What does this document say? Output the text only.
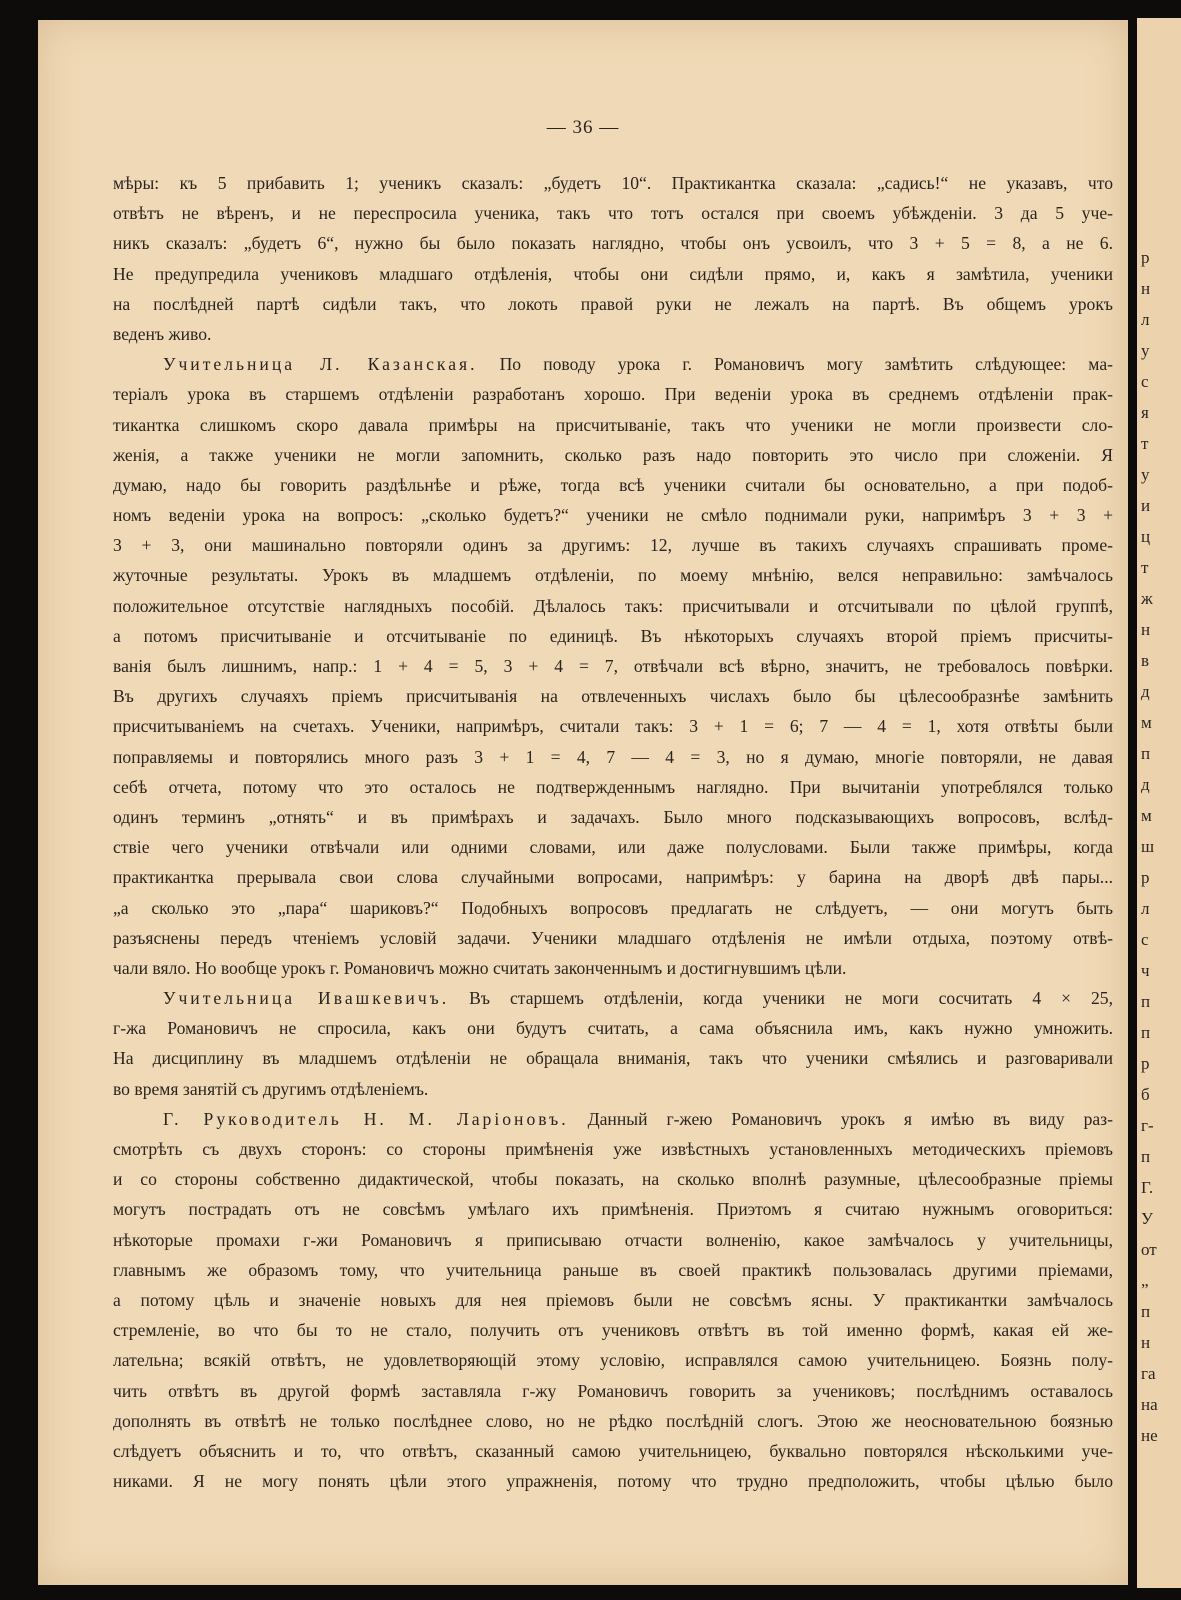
— 36 —
мѣры: къ 5 прибавить 1; ученикъ сказалъ: „будетъ 10“. Практикантка сказала: „садись!“ не указавъ, что
отвѣтъ не вѣренъ, и не переспросила ученика, такъ что тотъ остался при своемъ убѣжденіи. 3 да 5 уче-
никъ сказалъ: „будетъ 6“, нужно бы было показать наглядно, чтобы онъ усвоилъ, что 3 + 5 = 8, а не 6.
Не предупредила учениковъ младшаго отдѣленія, чтобы они сидѣли прямо, и, какъ я замѣтила, ученики
на послѣдней партѣ сидѣли такъ, что локоть правой руки не лежалъ на партѣ. Въ общемъ урокъ
веденъ живо.
Учительница Л. Казанская. По поводу урока г. Романовичъ могу замѣтить слѣдующее: ма-
теріалъ урока въ старшемъ отдѣленіи разработанъ хорошо. При веденіи урока въ среднемъ отдѣленіи прак-
тикантка слишкомъ скоро давала примѣры на присчитываніе, такъ что ученики не могли произвести сло-
женія, а также ученики не могли запомнить, сколько разъ надо повторить это число при сложеніи. Я
думаю, надо бы говорить раздѣльнѣе и рѣже, тогда всѣ ученики считали бы основательно, а при подоб-
номъ веденіи урока на вопросъ: „сколько будетъ?“ ученики не смѣло поднимали руки, напримѣръ 3 + 3 +
3 + 3, они машинально повторяли одинъ за другимъ: 12, лучше въ такихъ случаяхъ спрашивать проме-
жуточные результаты. Урокъ въ младшемъ отдѣленіи, по моему мнѣнію, велся неправильно: замѣчалось
положительное отсутствіе наглядныхъ пособій. Дѣлалось такъ: присчитывали и отсчитывали по цѣлой группѣ,
а потомъ присчитываніе и отсчитываніе по единицѣ. Въ нѣкоторыхъ случаяхъ второй пріемъ присчиты-
ванія былъ лишнимъ, напр.: 1 + 4 = 5, 3 + 4 = 7, отвѣчали всѣ вѣрно, значитъ, не требовалось повѣрки.
Въ другихъ случаяхъ пріемъ присчитыванія на отвлеченныхъ числахъ было бы цѣлесообразнѣе замѣнить
присчитываніемъ на счетахъ. Ученики, напримѣръ, считали такъ: 3 + 1 = 6; 7 — 4 = 1, хотя отвѣты были
поправляемы и повторялись много разъ 3 + 1 = 4, 7 — 4 = 3, но я думаю, многіе повторяли, не давая
себѣ отчета, потому что это осталось не подтвержденнымъ наглядно. При вычитаніи употреблялся только
одинъ терминъ „отнять“ и въ примѣрахъ и задачахъ. Было много подсказывающихъ вопросовъ, вслѣд-
ствіе чего ученики отвѣчали или одними словами, или даже полусловами. Были также примѣры, когда
практикантка прерывала свои слова случайными вопросами, напримѣръ: у барина на дворѣ двѣ пары...
„а сколько это „пара“ шариковъ?“ Подобныхъ вопросовъ предлагать не слѣдуетъ, — они могутъ быть
разъяснены передъ чтеніемъ условій задачи. Ученики младшаго отдѣленія не имѣли отдыха, поэтому отвѣ-
чали вяло. Но вообще урокъ г. Романовичъ можно считать законченнымъ и достигнувшимъ цѣли.
Учительница Ивашкевичъ. Въ старшемъ отдѣленіи, когда ученики не моги сосчитать 4 × 25,
г-жа Романовичъ не спросила, какъ они будутъ считать, а сама объяснила имъ, какъ нужно умножить.
На дисциплину въ младшемъ отдѣленіи не обращала вниманія, такъ что ученики смѣялись и разговаривали
во время занятій съ другимъ отдѣленіемъ.
Г. Руководитель Н. М. Ларіоновъ. Данный г-жею Романовичъ урокъ я имѣю въ виду раз-
смотрѣть съ двухъ сторонъ: со стороны примѣненія уже извѣстныхъ установленныхъ методическихъ пріемовъ
и со стороны собственно дидактической, чтобы показать, на сколько вполнѣ разумные, цѣлесообразные пріемы
могутъ пострадать отъ не совсѣмъ умѣлаго ихъ примѣненія. Приэтомъ я считаю нужнымъ оговориться:
нѣкоторые промахи г-жи Романовичъ я приписываю отчасти волненію, какое замѣчалось у учительницы,
главнымъ же образомъ тому, что учительница раньше въ своей практикѣ пользовалась другими пріемами,
а потому цѣль и значеніе новыхъ для нея пріемовъ были не совсѣмъ ясны. У практикантки замѣчалось
стремленіе, во что бы то не стало, получить отъ учениковъ отвѣтъ въ той именно формѣ, какая ей же-
лательна; всякій отвѣтъ, не удовлетворяющій этому условію, исправлялся самою учительницею. Боязнь полу-
чить отвѣтъ въ другой формѣ заставляла г-жу Романовичъ говорить за учениковъ; послѣднимъ оставалось
дополнять въ отвѣтѣ не только послѣднее слово, но не рѣдко послѣдній слогъ. Этою же неосновательною боязнью
слѣдуетъ объяснить и то, что отвѣтъ, сказанный самою учительницею, буквально повторялся нѣсколькими уче-
никами. Я не могу понять цѣли этого упражненія, потому что трудно предположить, чтобы цѣлью было
р
н
л
у
с
я
т
у
и
ц
т
ж
н
в
д
м
п
д
м
ш
р
л
с
ч
п
п
р
б
г-
п
Г.
У
от
„
п
н
га
на
не
